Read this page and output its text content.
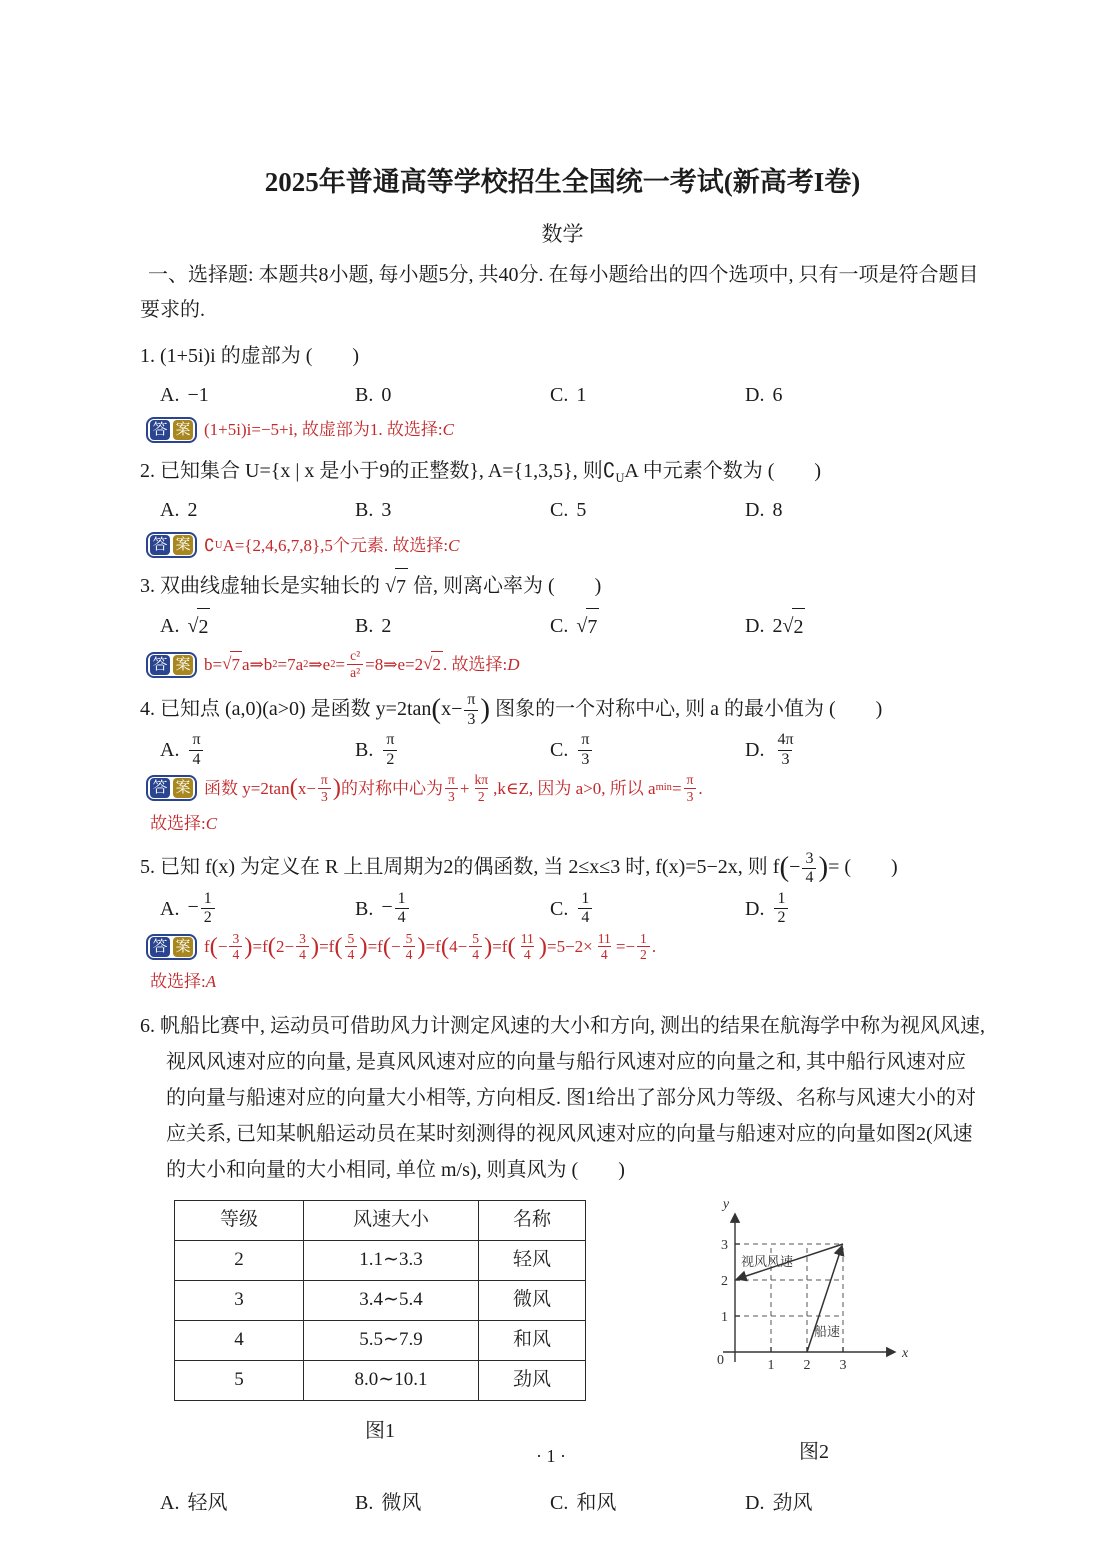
2025年普通高等学校招生全国统一考试(新高考I卷)
数学
一、选择题: 本题共8小题, 每小题5分, 共40分. 在每小题给出的四个选项中, 只有一项是符合题目要求的.
1. (1+5i)i 的虚部为 (　　)
A. −1	B. 0	C. 1	D. 6
答 案 (1+5i)i=−5+i, 故虚部为1. 故选择: C
2. 已知集合 U={x | x 是小于9的正整数}, A={1,3,5}, 则$∁_UA$ 中元素个数为 (　　)
A. 2	B. 3	C. 5	D. 8
答 案 ∁ U A={2,4,6,7,8},5个元素. 故选择: C
3. 双曲线虚轴长是实轴长的 √ 7 倍, 则离心率为 (　　)
A. √ 2	B. 2	C. √ 7	D. 2 √ 2
答 案 b= √ 7 a⇒b 2 =7a 2 ⇒e $2 = \frac{\text{c²}}{\text{a²}}$ =8⇒e=2 √ 2 . 故选择: D
4. 已知点 (a,0)(a>0) 是函数 $y=2\tan(x- \frac{\pi}{3}$ ) 图象的一个对称中心, 则 a 的最小值为 (　　)
A. $\frac{\pi}{4}$	B. $\frac{\pi}{2}$	C. $\frac{\pi}{3}$	D. $\frac{4\pi}{3}$
答 案 函数 y=2tan ( $x- \frac{\pi}{3}$ ) 的对称中心为 $\frac{\pi}{3} + \frac{k\pi}{2}$ ,k∈Z, 因为 a>0, 所以 a $\min = \frac{\pi}{3}$ .
故选择:C
5. 已知 f(x) 为定义在 R 上且周期为2的偶函数, 当 2≤x≤3 时, f(x)=5−2x, 则 $f(- \frac{3}{4}$ )= (　　)
A. − $\frac{1}{2}$	B. − $\frac{1}{4}$	C. $\frac{1}{4}$	D. $\frac{1}{2}$
答 案 f ( − $\frac{3}{4}$ ) =f ( $2- \frac{3}{4}$ ) =f ( $\frac{5}{4}$ ) =f ( − $\frac{5}{4}$ ) =f ( $4- \frac{5}{4}$ ) =f ( $\frac{11}{4}$ ) $=5-2\times \frac{11}{4} =- \frac{1}{2}$ .
故选择:A
6. 帆船比赛中, 运动员可借助风力计测定风速的大小和方向, 测出的结果在航海学中称为视风风速, 视风风速对应的向量, 是真风风速对应的向量与船行风速对应的向量之和, 其中船行风速对应的向量与船速对应的向量大小相等, 方向相反. 图1给出了部分风力等级、名称与风速大小的对应关系, 已知某帆船运动员在某时刻测得的视风风速对应的向量与船速对应的向量如图2(风速的大小和向量的大小相同, 单位 m/s), 则真风为 (　　)
等级	风速大小	名称
2	1.1∼3.3	轻风
3	3.4∼5.4	微风
4	5.5∼7.9	和风
5	8.0∼10.1	劲风
图1
y
x
0	1 2 3
1
2
3
视风风速
船速
图2
A. 轻风	B. 微风	C. 和风	D. 劲风
· 1 ·
